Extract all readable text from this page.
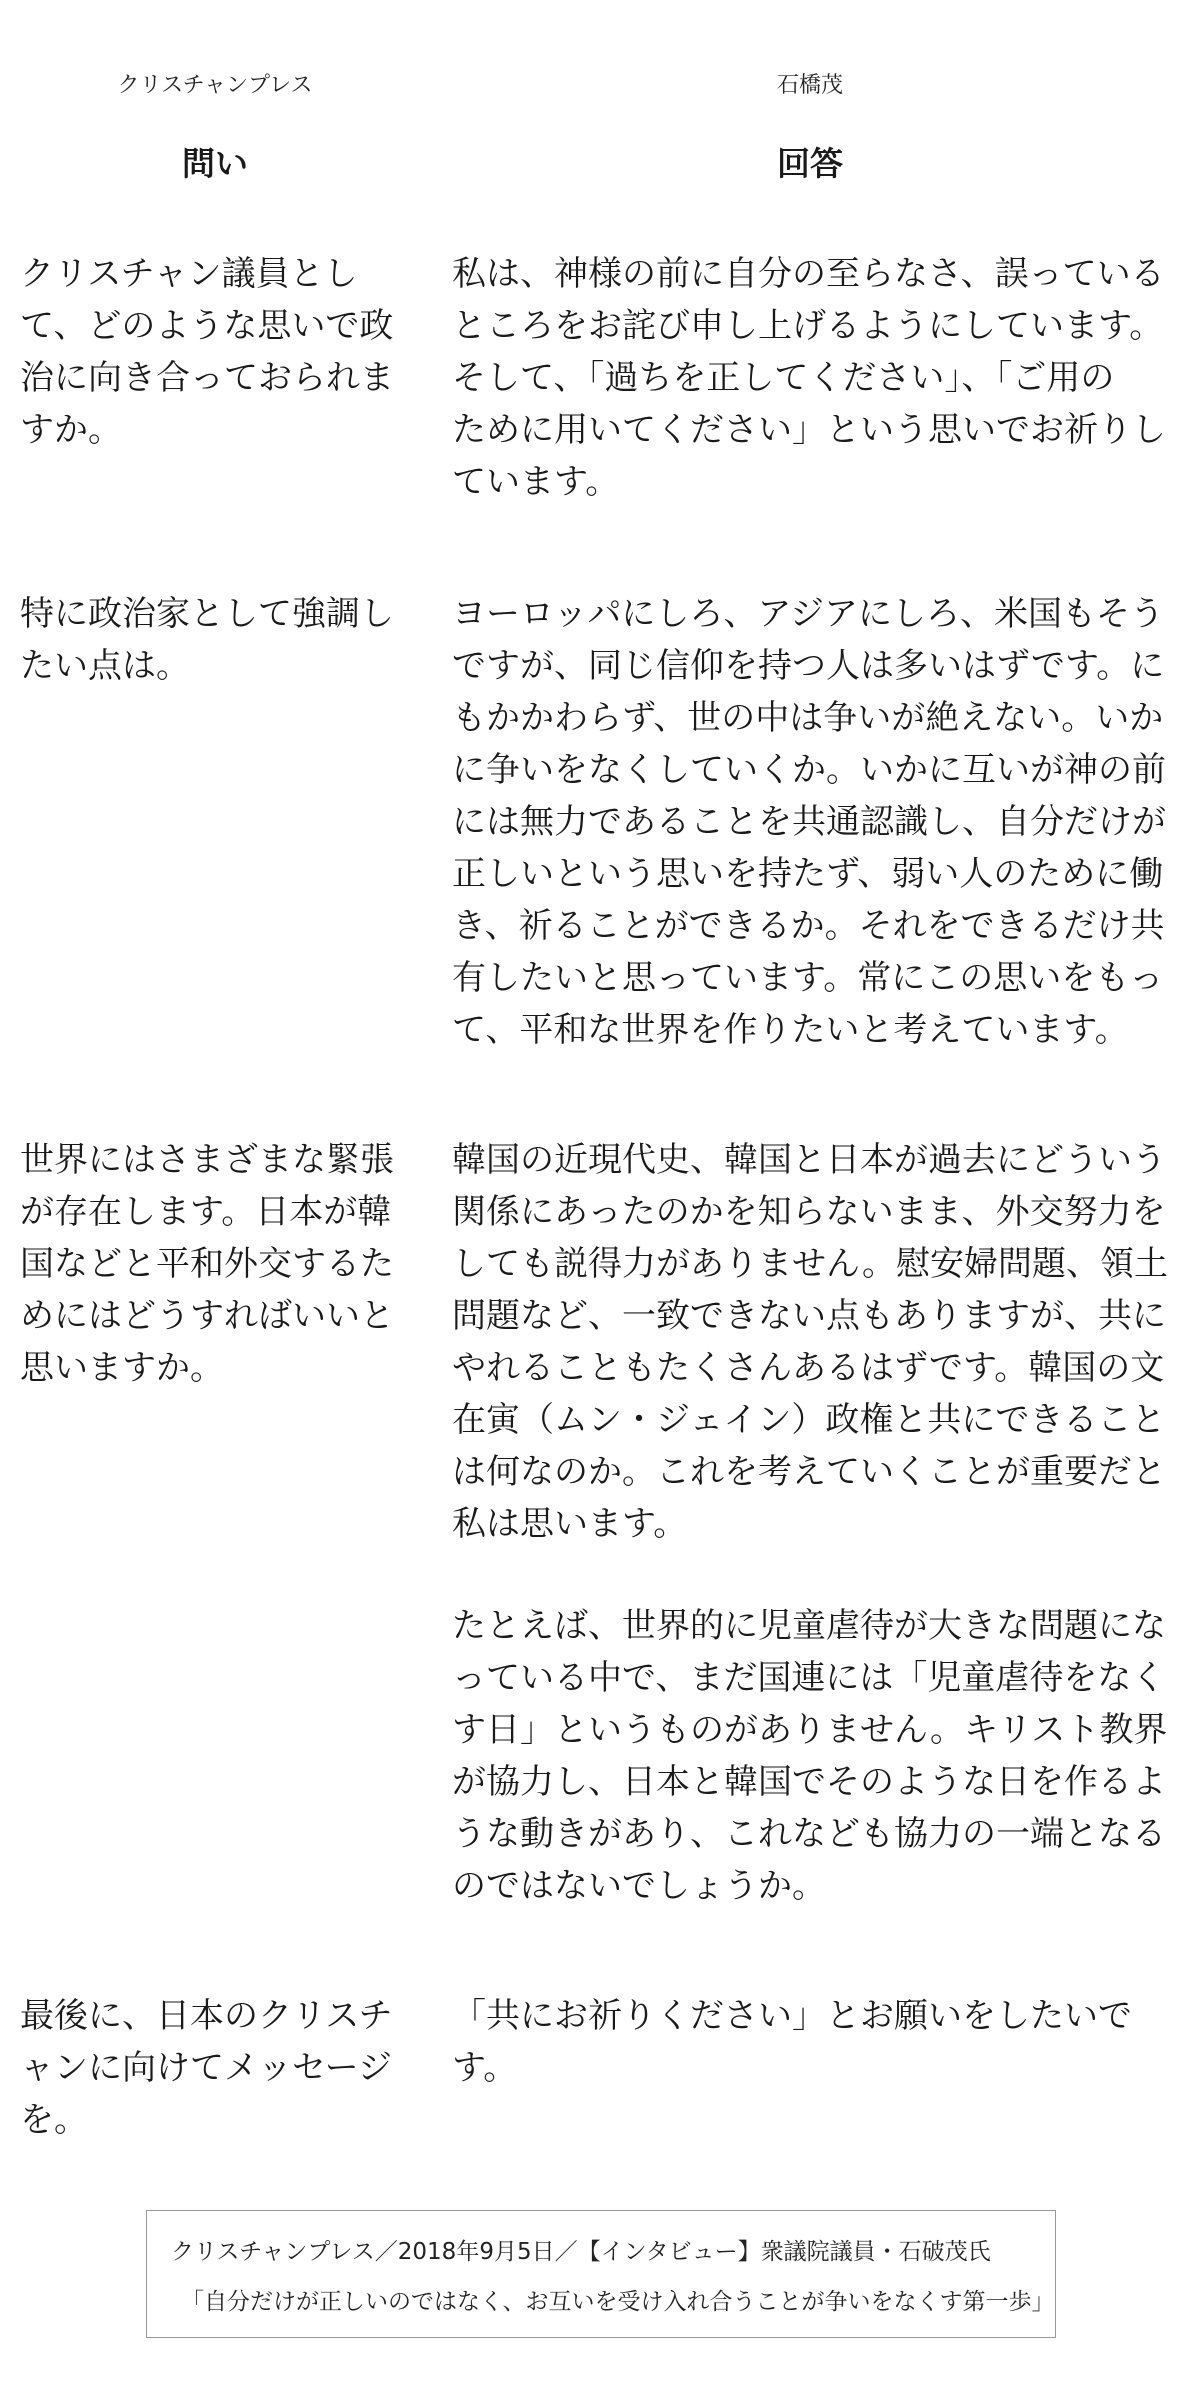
クリスチャンプレス	石橋茂
問い	回答

クリスチャン議員とし
て、どのような思いで政
治に向き合っておられま
すか。

私は、神様の前に自分の至らなさ、誤っている
ところをお詫び申し上げるようにしています。
そして、「過ちを正してください」、「ご用の
ために用いてください」という思いでお祈りし
ています。

特に政治家として強調し
たい点は。

ヨーロッパにしろ、アジアにしろ、米国もそう
ですが、同じ信仰を持つ人は多いはずです。に
もかかわらず、世の中は争いが絶えない。いか
に争いをなくしていくか。いかに互いが神の前
には無力であることを共通認識し、自分だけが
正しいという思いを持たず、弱い人のために働
き、祈ることができるか。それをできるだけ共
有したいと思っています。常にこの思いをもっ
て、平和な世界を作りたいと考えています。

世界にはさまざまな緊張
が存在します。日本が韓
国などと平和外交するた
めにはどうすればいいと
思いますか。

韓国の近現代史、韓国と日本が過去にどういう
関係にあったのかを知らないまま、外交努力を
しても説得力がありません。慰安婦問題、領土
問題など、一致できない点もありますが、共に
やれることもたくさんあるはずです。韓国の文
在寅（ムン・ジェイン）政権と共にできること
は何なのか。これを考えていくことが重要だと
私は思います。

たとえば、世界的に児童虐待が大きな問題にな
っている中で、まだ国連には「児童虐待をなく
す日」というものがありません。キリスト教界
が協力し、日本と韓国でそのような日を作るよ
うな動きがあり、これなども協力の一端となる
のではないでしょうか。

最後に、日本のクリスチ
ャンに向けてメッセージ
を。

「共にお祈りください」とお願いをしたいで
す。

クリスチャンプレス／2018年9月5日／【インタビュー】衆議院議員・石破茂氏
「自分だけが正しいのではなく、お互いを受け入れ合うことが争いをなくす第一歩」
